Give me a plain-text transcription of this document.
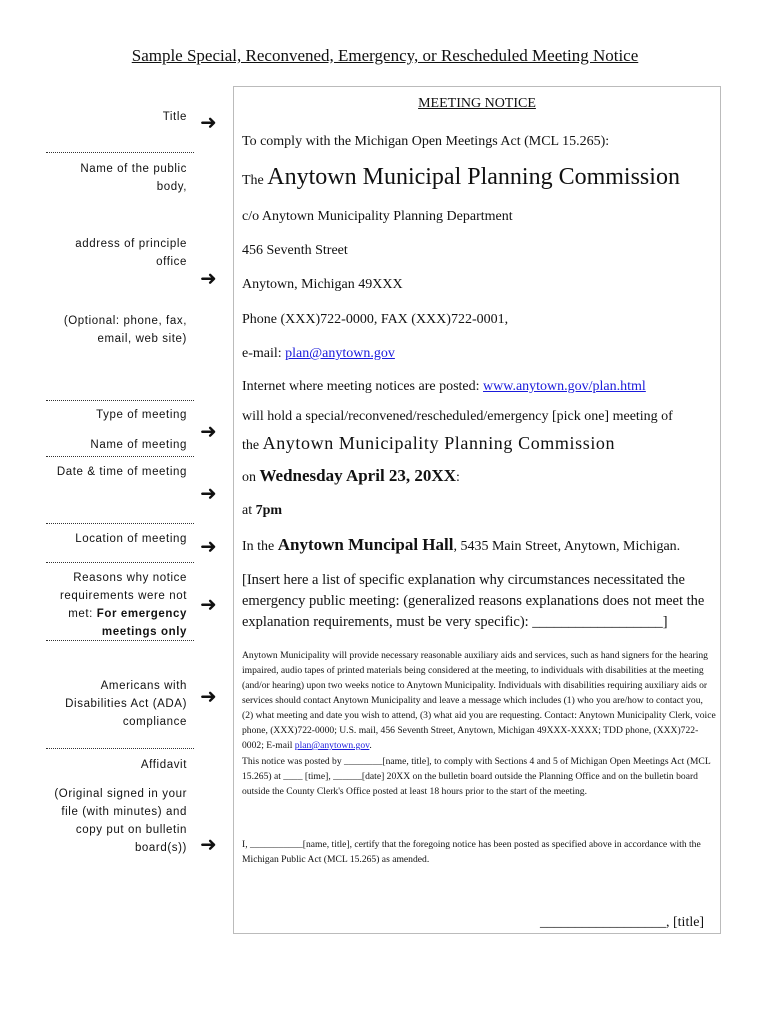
Sample Special, Reconvened, Emergency, or Rescheduled Meeting Notice
Title
Name of the public
body,
address of principle
office
(Optional: phone, fax,
email, web site)
Type of meeting
Name of meeting
Date & time of meeting
Location of meeting
Reasons why notice
requirements were not
met: For emergency
meetings only
Americans with
Disabilities Act (ADA)
compliance
Affidavit
(Original signed in your
file (with minutes) and
copy put on bulletin
board(s))
➜
➜
➜
➜
➜
➜
➜
➜
MEETING NOTICE
To comply with the Michigan Open Meetings Act (MCL 15.265):
The Anytown Municipal Planning Commission
c/o Anytown Municipality Planning Department
456 Seventh Street
Anytown, Michigan 49XXX
Phone (XXX)722-0000, FAX (XXX)722-0001,
e-mail: plan@anytown.gov
Internet where meeting notices are posted: www.anytown.gov/plan.html
will hold a special/reconvened/rescheduled/emergency [pick one] meeting of
the Anytown Municipality Planning Commission
on Wednesday April 23, 20XX:
at 7pm
In the Anytown Muncipal Hall, 5435 Main Street, Anytown, Michigan.
[Insert here a list of specific explanation why circumstances necessitated the emergency public meeting: (generalized reasons explanations does not meet the explanation requirements, must be very specific): __________________]
Anytown Municipality will provide necessary reasonable auxiliary aids and services, such as hand signers for the hearing impaired, audio tapes of printed materials being considered at the meeting, to individuals with disabilities at the meeting (and/or hearing) upon two weeks notice to Anytown Municipality. Individuals with disabilities requiring auxiliary aids or services should contact Anytown Municipality and leave a message which includes (1) who you are/how to contact you, (2) what meeting and date you wish to attend, (3) what aid you are requesting. Contact: Anytown Municipality Clerk, voice phone, (XXX)722-0000; U.S. mail, 456 Seventh Street, Anytown, Michigan 49XXX-XXXX; TDD phone, (XXX)722-0002; E-mail plan@anytown.gov.
This notice was posted by ________[name, title], to comply with Sections 4 and 5 of Michigan Open Meetings Act (MCL 15.265) at ____ [time], ______[date] 20XX on the bulletin board outside the Planning Office and on the bulletin board outside the County Clerk's Office posted at least 18 hours prior to the start of the meeting.
I, ___________[name, title], certify that the foregoing notice has been posted as specified above in accordance with the Michigan Public Act (MCL 15.265) as amended.
__________________, [title]
